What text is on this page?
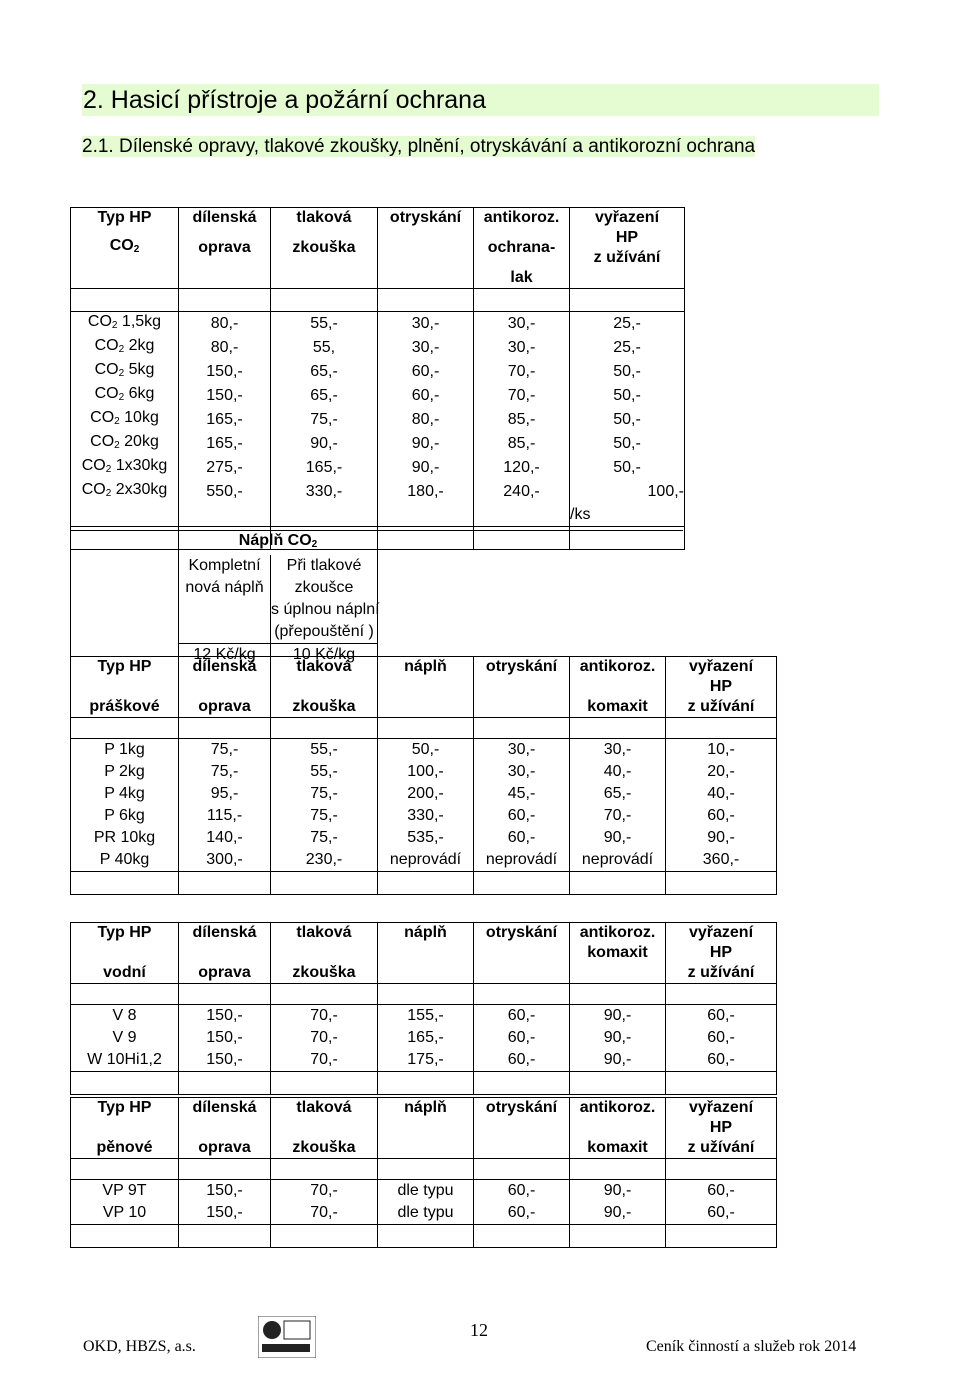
2. Hasicí přístroje a požární ochrana
2.1. Dílenské opravy, tlakové zkoušky, plnění, otryskávání a antikorozní ochrana
Typ HP	dílenská	tlaková	otryskání	antikoroz.	vyřazení
$CO_2$	oprava	zkouška		ochrana-	HP
					z užívání
				lak	

$CO_2$ 1,5kg	80,-	55,-	30,-	30,-	25,-
$CO_2$ 2kg	80,-	55,	30,-	30,-	25,-
$CO_2$ 5kg	150,-	65,-	60,-	70,-	50,-
$CO_2$ 6kg	150,-	65,-	60,-	70,-	50,-
$CO_2$ 10kg	165,-	75,-	80,-	85,-	50,-
$CO_2$ 20kg	165,-	90,-	90,-	85,-	50,-
$CO_2$ 1x30kg	275,-	165,-	90,-	120,-	50,-
$CO_2$ 2x30kg	550,-	330,-	180,-	240,-	100,-
					/ks

	Náplň $CO_2$	
	Kompletní	Při tlakové	
	nová náplň	zkoušce	
		s úplnou náplní	
		(přepouštění )	
	12 Kč/kg	10 Kč/kg	
Typ HP	dílenská	tlaková	náplň	otryskání	antikoroz.	vyřazení
						HP
práškové	oprava	zkouška			komaxit	z užívání

P 1kg	75,-	55,-	50,-	30,-	30,-	10,-
P 2kg	75,-	55,-	100,-	30,-	40,-	20,-
P 4kg	95,-	75,-	200,-	45,-	65,-	40,-
P 6kg	115,-	75,-	330,-	60,-	70,-	60,-
PR 10kg	140,-	75,-	535,-	60,-	90,-	90,-
P 40kg	300,-	230,-	neprovádí	neprovádí	neprovádí	360,-

Typ HP	dílenská	tlaková	náplň	otryskání	antikoroz.	vyřazení
					komaxit	HP
vodní	oprava	zkouška				z užívání

V 8	150,-	70,-	155,-	60,-	90,-	60,-
V 9	150,-	70,-	165,-	60,-	90,-	60,-
W 10Hi1,2	150,-	70,-	175,-	60,-	90,-	60,-

Typ HP	dílenská	tlaková	náplň	otryskání	antikoroz.	vyřazení
						HP
pěnové	oprava	zkouška			komaxit	z užívání

VP 9T	150,-	70,-	dle typu	60,-	90,-	60,-
VP 10	150,-	70,-	dle typu	60,-	90,-	60,-

OKD, HBZS, a.s.
12
Ceník činností a služeb rok 2014
